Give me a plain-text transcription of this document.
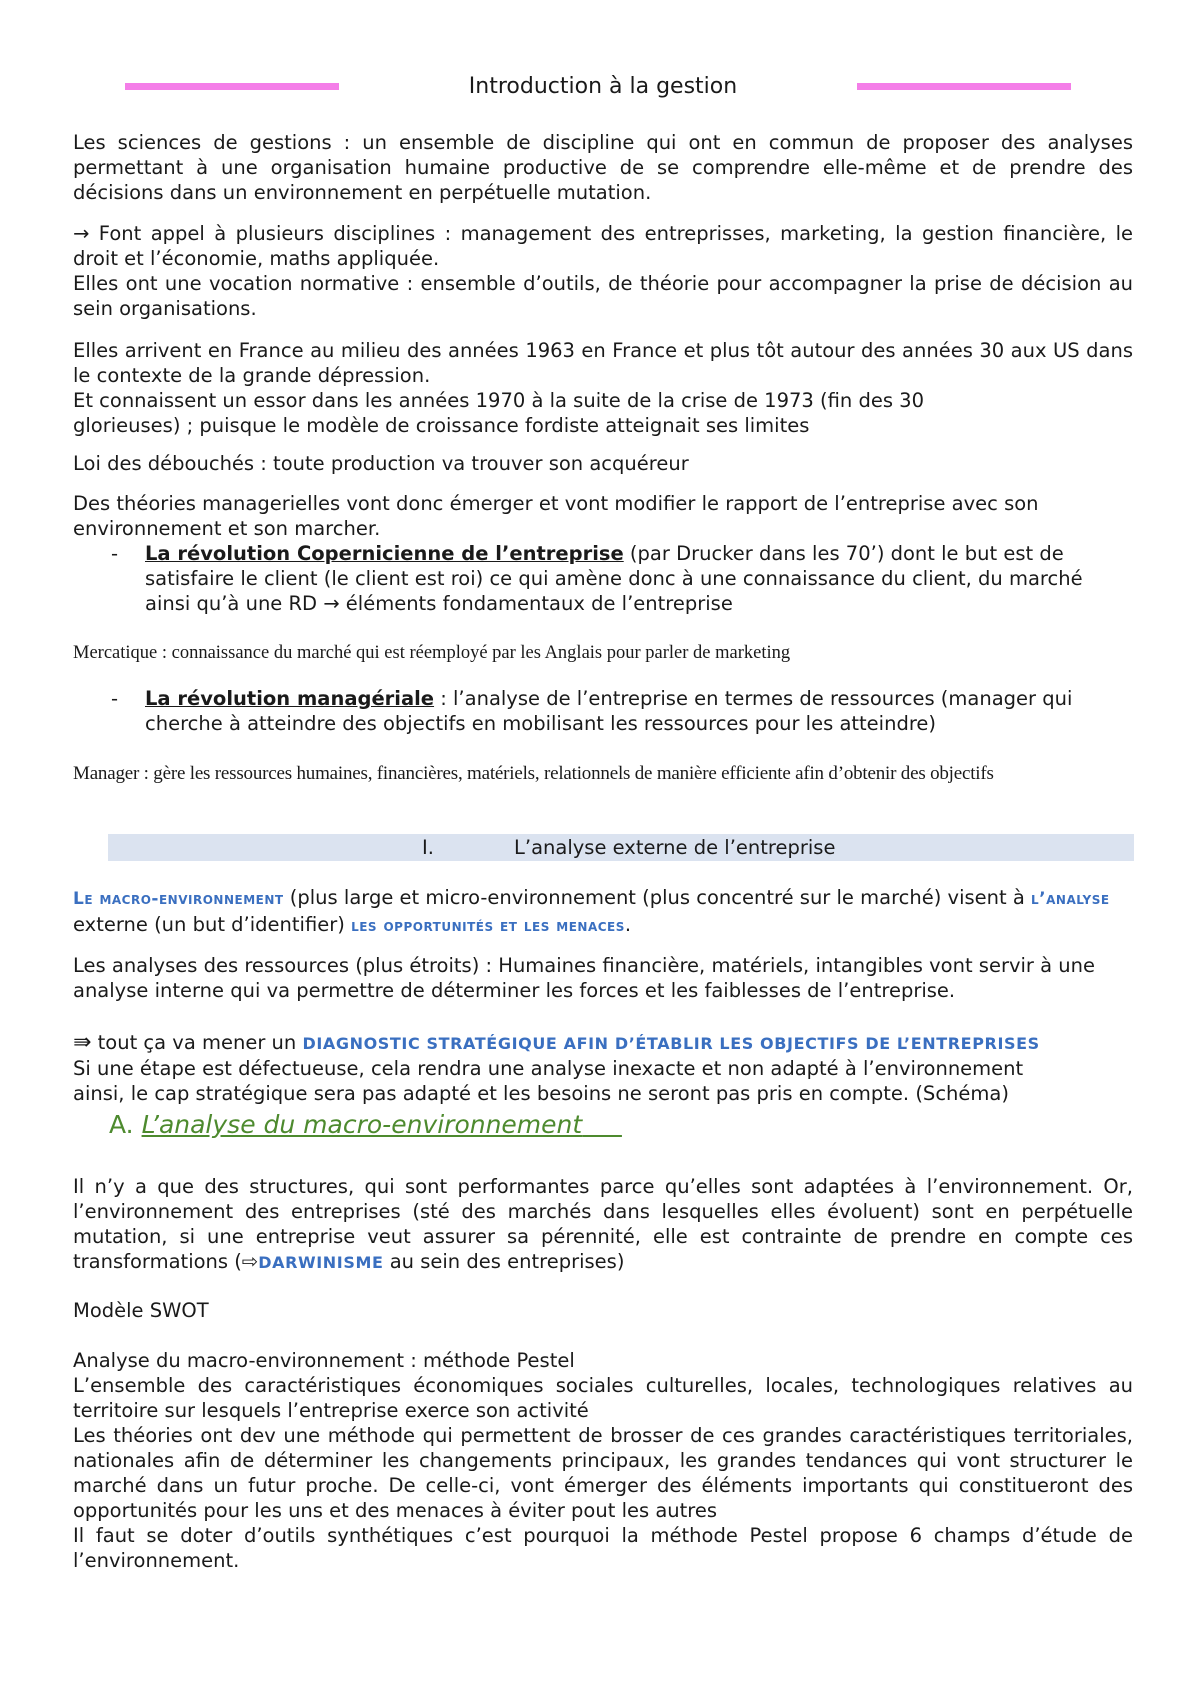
Introduction à la gestion

Les sciences de gestions : un ensemble de discipline qui ont en commun de proposer des analyses permettant à une organisation humaine productive de se comprendre elle-même et de prendre des décisions dans un environnement en perpétuelle mutation.

→ Font appel à plusieurs disciplines : management des entreprisses, marketing, la gestion financière, le droit et l’économie, maths appliquée.

Elles ont une vocation normative : ensemble d’outils, de théorie pour accompagner la prise de décision au sein organisations.

Elles arrivent en France au milieu des années 1963 en France et plus tôt autour des années 30 aux US dans le contexte de la grande dépression.

Et connaissent un essor dans les années 1970 à la suite de la crise de 1973 (fin des 30
glorieuses) ; puisque le modèle de croissance fordiste atteignait ses limites

Loi des débouchés : toute production va trouver son acquéreur

Des théories managerielles vont donc émerger et vont modifier le rapport de l’entreprise avec son environnement et son marcher.

- La révolution Copernicienne de l’entreprise (par Drucker dans les 70’) dont le but est de satisfaire le client (le client est roi) ce qui amène donc à une connaissance du client, du marché ainsi qu’à une RD → éléments fondamentaux de l’entreprise

Mercatique : connaissance du marché qui est réemployé par les Anglais pour parler de marketing

- La révolution managériale : l’analyse de l’entreprise en termes de ressources (manager qui cherche à atteindre des objectifs en mobilisant les ressources pour les atteindre)

Manager : gère les ressources humaines, financières, matériels, relationnels de manière efficiente afin d’obtenir des objectifs

I.	L’analyse externe de l’entreprise

Le macro-environnement (plus large et micro-environnement (plus concentré sur le marché) visent à l’analyse externe (un but d’identifier) les opportunités et les menaces.

Les analyses des ressources (plus étroits) : Humaines financière, matériels, intangibles vont servir à une analyse interne qui va permettre de déterminer les forces et les faiblesses de l’entreprise.

⇛ tout ça va mener un DIAGNOSTIC STRATÉGIQUE AFIN D’ÉTABLIR LES OBJECTIFS DE L’ENTREPRISES
Si une étape est défectueuse, cela rendra une analyse inexacte et non adapté à l’environnement
ainsi, le cap stratégique sera pas adapté et les besoins ne seront pas pris en compte. (Schéma)

A. L’analyse du macro-environnement

Il n’y a que des structures, qui sont performantes parce qu’elles sont adaptées à l’environnement. Or, l’environnement des entreprises (sté des marchés dans lesquelles elles évoluent) sont en perpétuelle mutation, si une entreprise veut assurer sa pérennité, elle est contrainte de prendre en compte ces transformations (⇨DARWINISME au sein des entreprises)

Modèle SWOT

Analyse du macro-environnement : méthode Pestel

L’ensemble des caractéristiques économiques sociales culturelles, locales, technologiques relatives au territoire sur lesquels l’entreprise exerce son activité

Les théories ont dev une méthode qui permettent de brosser de ces grandes caractéristiques territoriales, nationales afin de déterminer les changements principaux, les grandes tendances qui vont structurer le marché dans un futur proche. De celle-ci, vont émerger des éléments importants qui constitueront des opportunités pour les uns et des menaces à éviter pout les autres

Il faut se doter d’outils synthétiques c’est pourquoi la méthode Pestel propose 6 champs d’étude de l’environnement.
